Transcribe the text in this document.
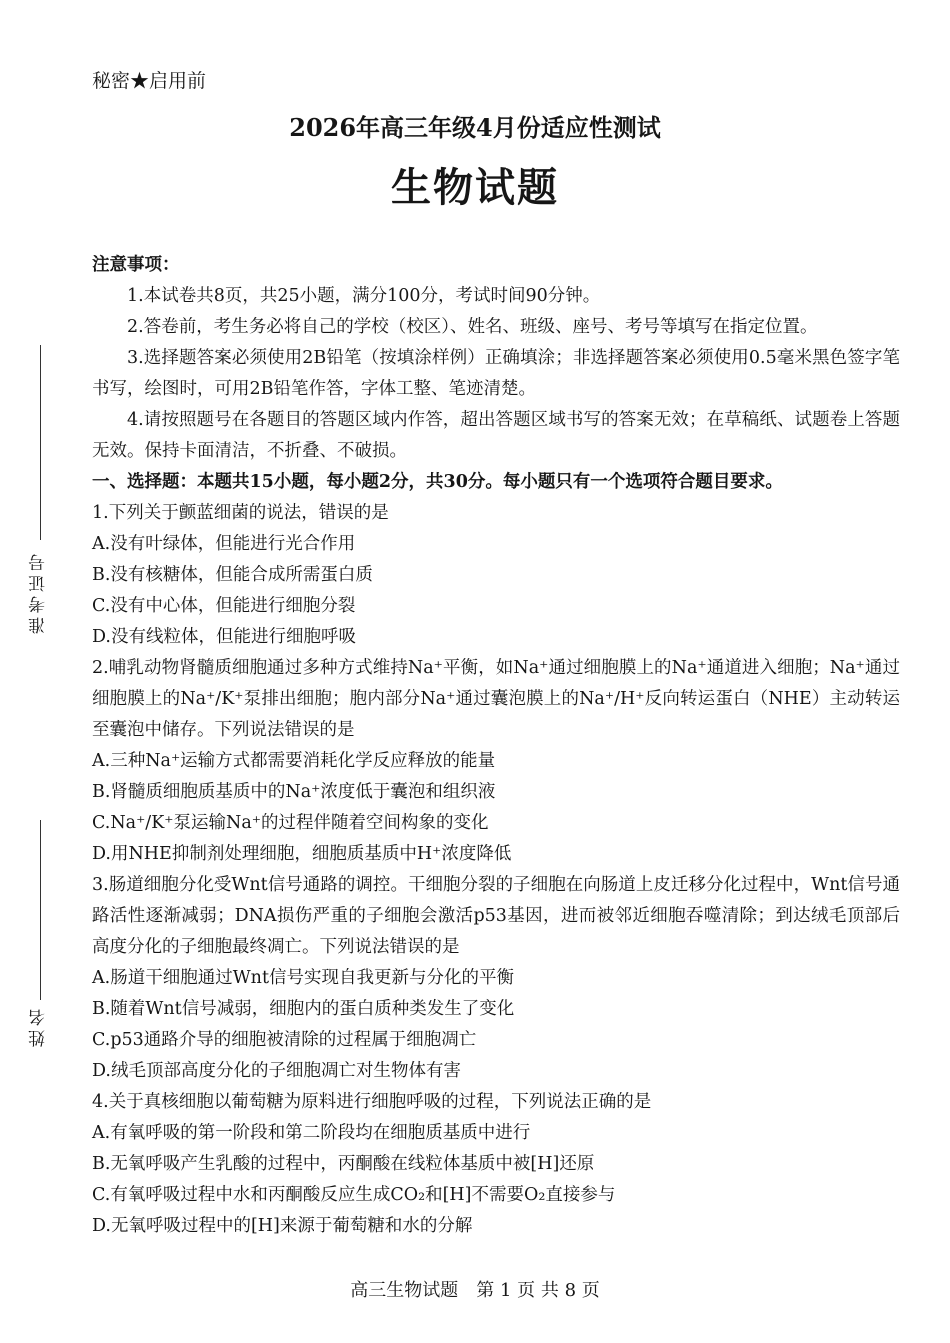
秘密★启用前
2026年高三年级4月份适应性测试
生物试题
准考证号
姓名
注意事项：
1.本试卷共8页，共25小题，满分100分，考试时间90分钟。
2.答卷前，考生务必将自己的学校（校区）、姓名、班级、座号、考号等填写在指定位置。
3.选择题答案必须使用2B铅笔（按填涂样例）正确填涂；非选择题答案必须使用0.5毫米黑色签字笔书写，绘图时，可用2B铅笔作答，字体工整、笔迹清楚。
4.请按照题号在各题目的答题区域内作答，超出答题区域书写的答案无效；在草稿纸、试题卷上答题无效。保持卡面清洁，不折叠、不破损。
一、选择题：本题共15小题，每小题2分，共30分。每小题只有一个选项符合题目要求。
1.下列关于颤蓝细菌的说法，错误的是
A.没有叶绿体，但能进行光合作用
B.没有核糖体，但能合成所需蛋白质
C.没有中心体，但能进行细胞分裂
D.没有线粒体，但能进行细胞呼吸
2.哺乳动物肾髓质细胞通过多种方式维持Na⁺平衡，如Na⁺通过细胞膜上的Na⁺通道进入细胞；Na⁺通过细胞膜上的Na⁺/K⁺泵排出细胞；胞内部分Na⁺通过囊泡膜上的Na⁺/H⁺反向转运蛋白（NHE）主动转运至囊泡中储存。下列说法错误的是
A.三种Na⁺运输方式都需要消耗化学反应释放的能量
B.肾髓质细胞质基质中的Na⁺浓度低于囊泡和组织液
C.Na⁺/K⁺泵运输Na⁺的过程伴随着空间构象的变化
D.用NHE抑制剂处理细胞，细胞质基质中H⁺浓度降低
3.肠道细胞分化受Wnt信号通路的调控。干细胞分裂的子细胞在向肠道上皮迁移分化过程中，Wnt信号通路活性逐渐减弱；DNA损伤严重的子细胞会激活p53基因，进而被邻近细胞吞噬清除；到达绒毛顶部后高度分化的子细胞最终凋亡。下列说法错误的是
A.肠道干细胞通过Wnt信号实现自我更新与分化的平衡
B.随着Wnt信号减弱，细胞内的蛋白质种类发生了变化
C.p53通路介导的细胞被清除的过程属于细胞凋亡
D.绒毛顶部高度分化的子细胞凋亡对生物体有害
4.关于真核细胞以葡萄糖为原料进行细胞呼吸的过程，下列说法正确的是
A.有氧呼吸的第一阶段和第二阶段均在细胞质基质中进行
B.无氧呼吸产生乳酸的过程中，丙酮酸在线粒体基质中被[H]还原
C.有氧呼吸过程中水和丙酮酸反应生成CO₂和[H]不需要O₂直接参与
D.无氧呼吸过程中的[H]来源于葡萄糖和水的分解
高三生物试题　第 1 页 共 8 页
